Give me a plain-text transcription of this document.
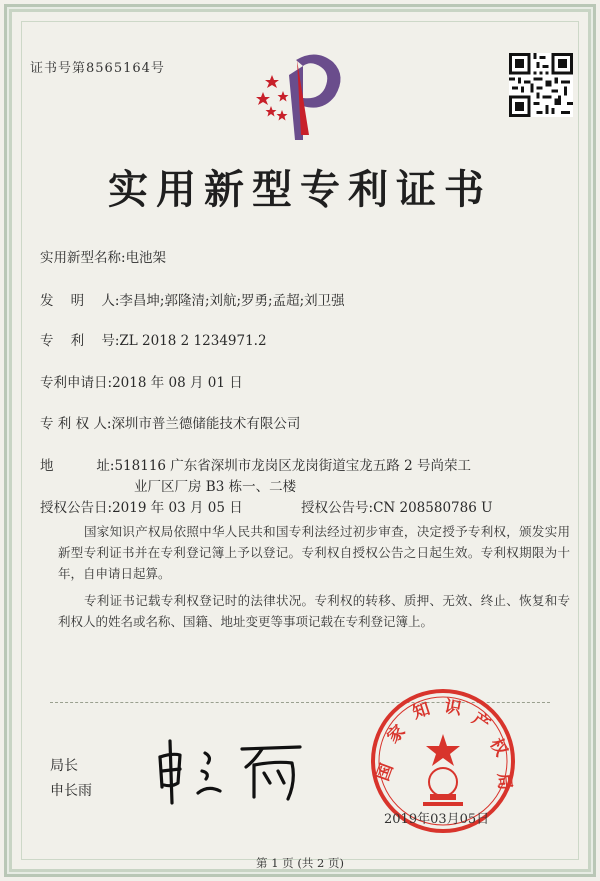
证书号第8565164号
实用新型专利证书
实用新型名称:电池架
发    明    人:李昌坤;郭隆清;刘航;罗勇;孟超;刘卫强
专    利    号:ZL 2018 2 1234971.2
专利申请日:2018 年 08 月 01 日
专 利 权 人:深圳市普兰德储能技术有限公司
地          址:518116 广东省深圳市龙岗区龙岗街道宝龙五路 2 号尚荣工
业厂区厂房 B3 栋一、二楼
授权公告日:2019 年 03 月 05 日	授权公告号:CN 208580786 U
国家知识产权局依照中华人民共和国专利法经过初步审查，决定授予专利权，颁发实用新型专利证书并在专利登记簿上予以登记。专利权自授权公告之日起生效。专利权期限为十年，自申请日起算。
专利证书记载专利权登记时的法律状况。专利权的转移、质押、无效、终止、恢复和专利权人的姓名或名称、国籍、地址变更等事项记载在专利登记簿上。
局长
申长雨
国
家
知 识
产
权
局
2019年03月05日
第 1 页 (共 2 页)
